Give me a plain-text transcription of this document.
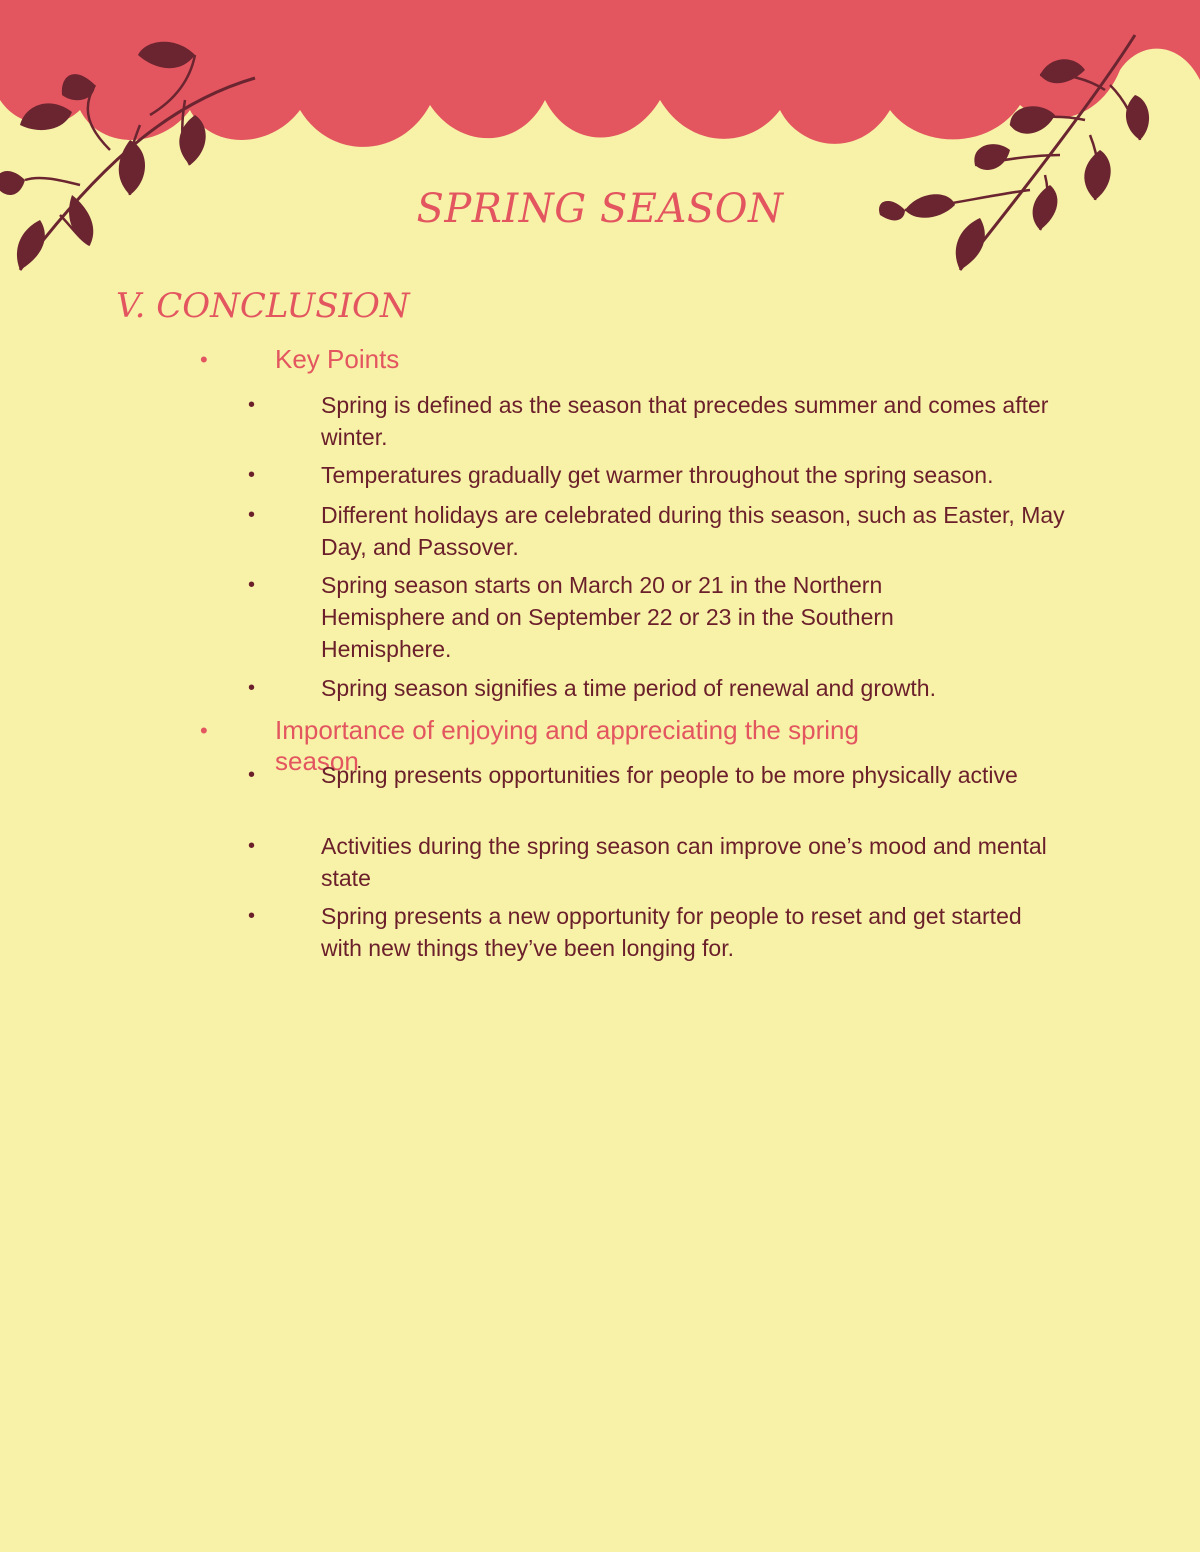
SPRING SEASON
V. CONCLUSION
•	Key Points
•	Spring is defined as the season that precedes summer and comes after winter.
•	Temperatures gradually get warmer throughout the spring season.
•	Different holidays are celebrated during this season, such as Easter, May Day, and Passover.
•	Spring season starts on March 20 or 21 in the Northern Hemisphere and on September 22 or 23 in the Southern Hemisphere.
•	Spring season signifies a time period of renewal and growth.
•	Importance of enjoying and appreciating the spring season
•	Spring presents opportunities for people to be more physically active
•	Activities during the spring season can improve one’s mood and mental state
•	Spring presents a new opportunity for people to reset and get started with new things they’ve been longing for.
